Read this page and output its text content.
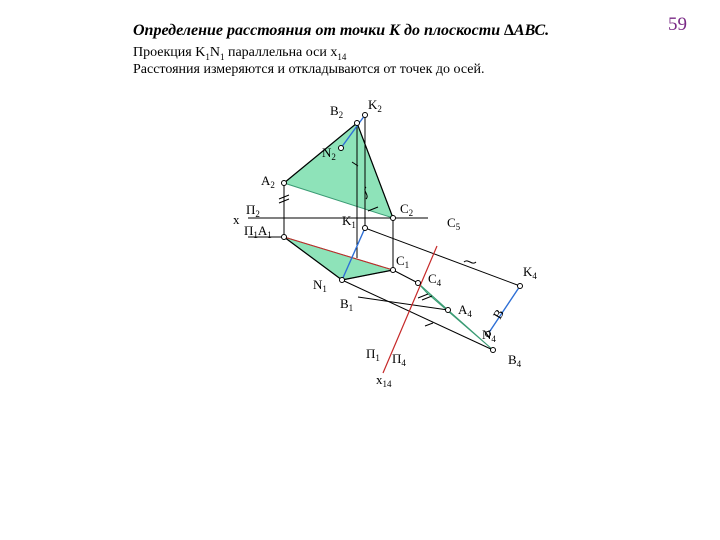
59
Определение расстояния от точки К до плоскости ∆АВС.
Проекция $K_1N_1$ параллельна оси $х_{14}$
Расстояния измеряются и откладываются от точек до осей.
$B_2$
$K_2$
$N_2$
$A_2$
$П_2$
x
$П_1A_1$
$K_1$
$C_2$
$C_5$
$C_1$
$C_4$
$K_4$
$N_1$
$B_1$	$A_4$ B
$N_4$
$B_4$
$П_1$ $П_4$
$x_{14}$
